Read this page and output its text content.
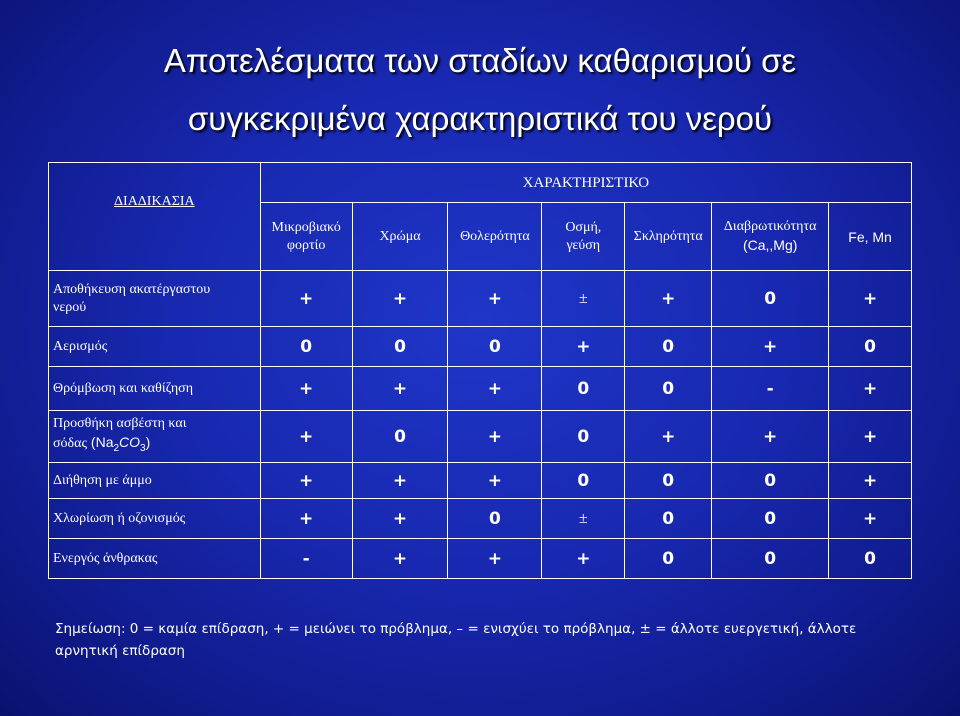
Αποτελέσματα των σταδίων καθαρισμού σε
συγκεκριμένα χαρακτηριστικά του νερού
ΔΙΑΔΙΚΑΣΙΑ	ΧΑΡΑΚΤΗΡΙΣΤΙΚΟ						
	Μικροβιακό
φορτίο	Χρώμα	Θολερότητα	Οσμή,
γεύση	Σκληρότητα	Διαβρωτικότητα
(Ca,,Mg)	Fe, Mn
Αποθήκευση ακατέργαστου
νερού	+	+	+	±	+	0	+
Αερισμός	0	0	0	+	0	+	0
Θρόμβωση και καθίζηση	+	+	+	0	0	-	+
Προσθήκη ασβέστη και
σόδας $(Na_2CO_3)$	+	0	+	0	+	+	+
Διήθηση με άμμο	+	+	+	0	0	0	+
Χλωρίωση ή οζονισμός	+	+	0	±	0	0	+
Ενεργός άνθρακας	-	+	+	+	0	0	0
Σημείωση: 0 = καμία επίδραση, + = μειώνει το πρόβλημα, – = ενισχύει το πρόβλημα, ± = άλλοτε ευεργετική, άλλοτε
αρνητική επίδραση
